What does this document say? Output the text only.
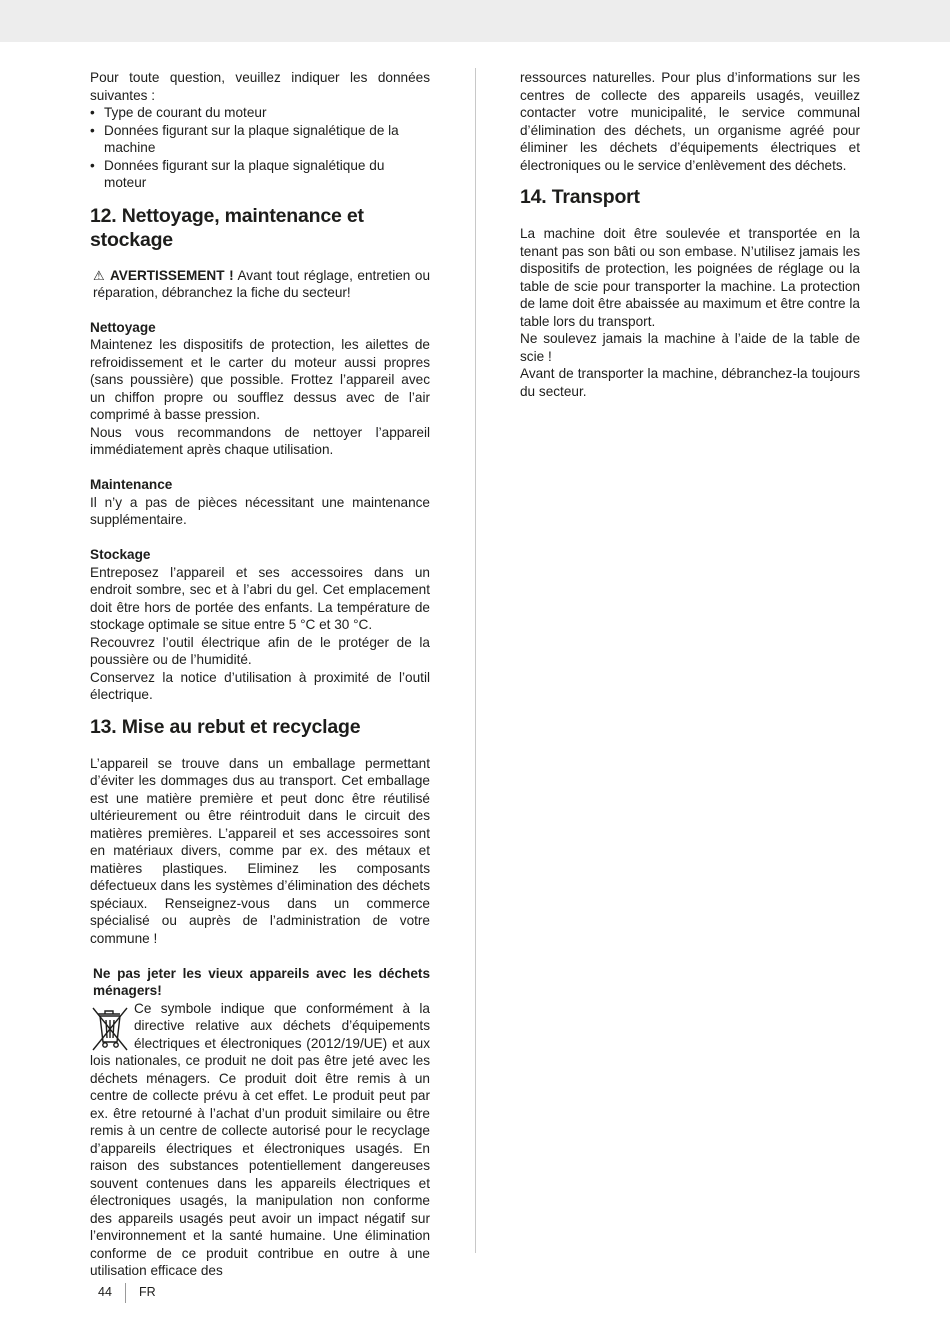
Pour toute question, veuillez indiquer les données suivantes :

• Type de courant du moteur
• Données figurant sur la plaque signalétique de la machine
• Données figurant sur la plaque signalétique du moteur
12. Nettoyage, maintenance et stockage

⚠ AVERTISSEMENT ! Avant tout réglage, entretien ou réparation, débranchez la fiche du secteur!

Nettoyage

Maintenez les dispositifs de protection, les ailettes de refroidissement et le carter du moteur aussi propres (sans poussière) que possible. Frottez l’appareil avec un chiffon propre ou soufflez dessus avec de l’air comprimé à basse pression.

Nous vous recommandons de nettoyer l’appareil immédiatement après chaque utilisation.

Maintenance

Il n’y a pas de pièces nécessitant une maintenance supplémentaire.

Stockage

Entreposez l’appareil et ses accessoires dans un endroit sombre, sec et à l’abri du gel. Cet emplacement doit être hors de portée des enfants. La température de stockage optimale se situe entre 5 °C et 30 °C.

Recouvrez l’outil électrique afin de le protéger de la poussière ou de l’humidité.

Conservez la notice d’utilisation à proximité de l’outil électrique.

13. Mise au rebut et recyclage

L’appareil se trouve dans un emballage permettant d’éviter les dommages dus au transport. Cet emballage est une matière première et peut donc être réutilisé ultérieurement ou être réintroduit dans le circuit des matières premières. L’appareil et ses accessoires sont en matériaux divers, comme par ex. des métaux et matières plastiques. Eliminez les composants défectueux dans les systèmes d’élimination des déchets spéciaux. Renseignez-vous dans un commerce spécialisé ou auprès de l’administration de votre commune !

Ne pas jeter les vieux appareils avec les déchets ménagers!

Ce symbole indique que conformément à la directive relative aux déchets d’équipements électriques et électroniques (2012/19/UE) et aux lois nationales, ce produit ne doit pas être jeté avec les déchets ménagers. Ce produit doit être remis à un centre de collecte prévu à cet effet. Le produit peut par ex. être retourné à l’achat d’un produit similaire ou être remis à un centre de collecte autorisé pour le recyclage d’appareils électriques et électroniques usagés. En raison des substances potentiellement dangereuses souvent contenues dans les appareils électriques et électroniques usagés, la manipulation non conforme des appareils usagés peut avoir un impact négatif sur l’environnement et la santé humaine. Une élimination conforme de ce produit contribue en outre à une utilisation efficace des

ressources naturelles. Pour plus d’informations sur les centres de collecte des appareils usagés, veuillez contacter votre municipalité, le service communal d’élimination des déchets, un organisme agréé pour éliminer les déchets d’équipements électriques et électroniques ou le service d’enlèvement des déchets.

14. Transport

La machine doit être soulevée et transportée en la tenant pas son bâti ou son embase. N’utilisez jamais les dispositifs de protection, les poignées de réglage ou la table de scie pour transporter la machine. La protection de lame doit être abaissée au maximum et être contre la table lors du transport.

Ne soulevez jamais la machine à l’aide de la table de scie !

Avant de transporter la machine, débranchez-la toujours du secteur.

44 FR
